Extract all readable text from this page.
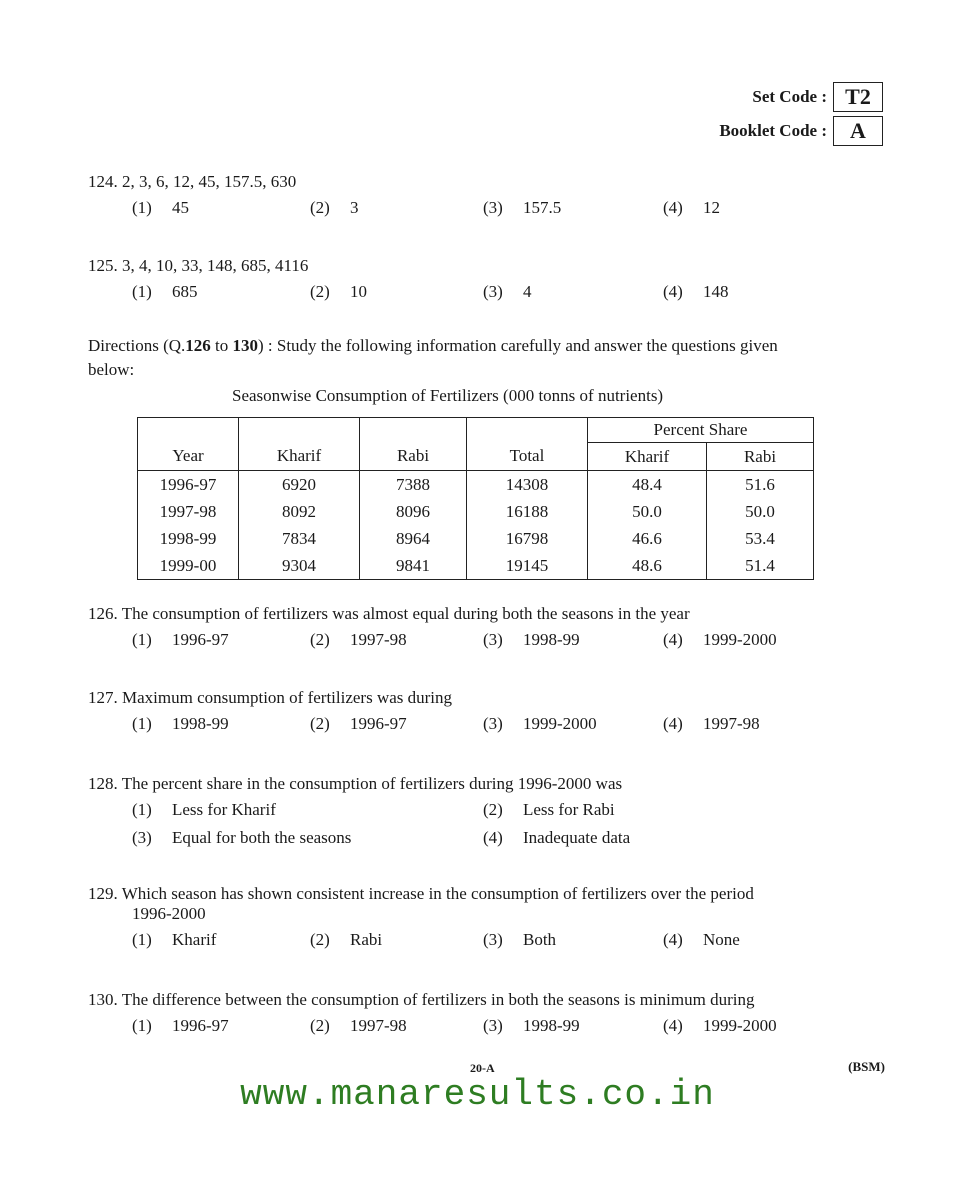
Set Code : T2
Booklet Code :	A
124. 2, 3, 6, 12, 45, 157.5, 630
(1) 45	(2) 3	(3) 157.5	(4) 12
125. 3, 4, 10, 33, 148, 685, 4116
(1) 685	(2) 10	(3) 4	(4) 148
Directions (Q.126 to 130) : Study the following information carefully and answer the questions given
below:
Seasonwise Consumption of Fertilizers (000 tonns of nutrients)
				Percent Share	
Year	Kharif	Rabi	Total	Kharif	Rabi
1996-97	6920	7388	14308	48.4	51.6
1997-98	8092	8096	16188	50.0	50.0
1998-99	7834	8964	16798	46.6	53.4
1999-00	9304	9841	19145	48.6	51.4
126. The consumption of fertilizers was almost equal during both the seasons in the year
(1) 1996-97	(2) 1997-98	(3) 1998-99	(4) 1999-2000
127. Maximum consumption of fertilizers was during
(1) 1998-99	(2) 1996-97	(3) 1999-2000	(4) 1997-98
128. The percent share in the consumption of fertilizers during 1996-2000 was
(1) Less for Kharif	(2) Less for Rabi
(3) Equal for both the seasons	(4) Inadequate data
129. Which season has shown consistent increase in the consumption of fertilizers over the period
1996-2000
(1) Kharif	(2) Rabi	(3) Both	(4) None
130. The difference between the consumption of fertilizers in both the seasons is minimum during
(1) 1996-97	(2) 1997-98	(3) 1998-99	(4) 1999-2000
20-A	(BSM)
www.manaresults.co.in
